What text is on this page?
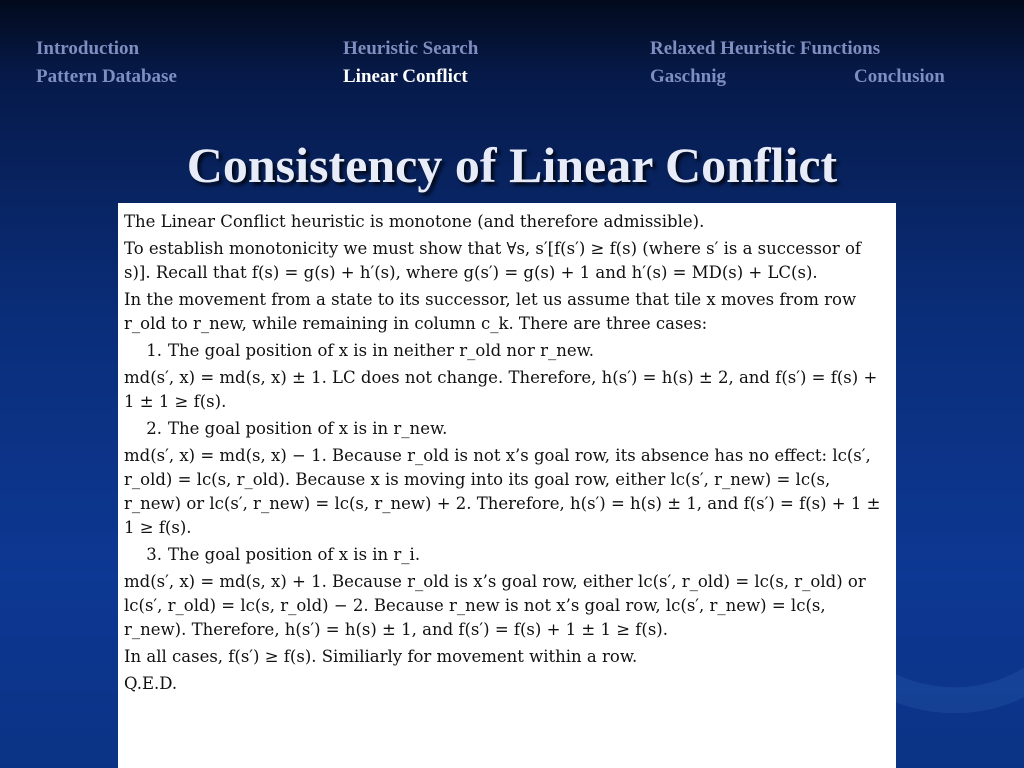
Introduction	Heuristic Search	Relaxed Heuristic Functions
Pattern Database	Linear Conflict	Gaschnig	Conclusion
Consistency of Linear Conflict

The Linear Conflict heuristic is monotone (and therefore admissible).

To establish monotonicity we must show that ∀s, s′[f(s′) ≥ f(s) (where s′ is a successor of s)]. Recall that f(s) = g(s) + h′(s), where g(s′) = g(s) + 1 and h′(s) = MD(s) + LC(s).

In the movement from a state to its successor, let us assume that tile x moves from row r_old to r_new, while remaining in column c_k. There are three cases:

1. The goal position of x is in neither r_old nor r_new.

md(s′, x) = md(s, x) ± 1. LC does not change. Therefore, h(s′) = h(s) ± 2, and f(s′) = f(s) + 1 ± 1 ≥ f(s).

2. The goal position of x is in r_new.

md(s′, x) = md(s, x) − 1. Because r_old is not x’s goal row, its absence has no effect: lc(s′, r_old) = lc(s, r_old). Because x is moving into its goal row, either lc(s′, r_new) = lc(s, r_new) or lc(s′, r_new) = lc(s, r_new) + 2. Therefore, h(s′) = h(s) ± 1, and f(s′) = f(s) + 1 ± 1 ≥ f(s).

3. The goal position of x is in r_i.

md(s′, x) = md(s, x) + 1. Because r_old is x’s goal row, either lc(s′, r_old) = lc(s, r_old) or lc(s′, r_old) = lc(s, r_old) − 2. Because r_new is not x’s goal row, lc(s′, r_new) = lc(s, r_new). Therefore, h(s′) = h(s) ± 1, and f(s′) = f(s) + 1 ± 1 ≥ f(s).

In all cases, f(s′) ≥ f(s). Similiarly for movement within a row.

Q.E.D.
